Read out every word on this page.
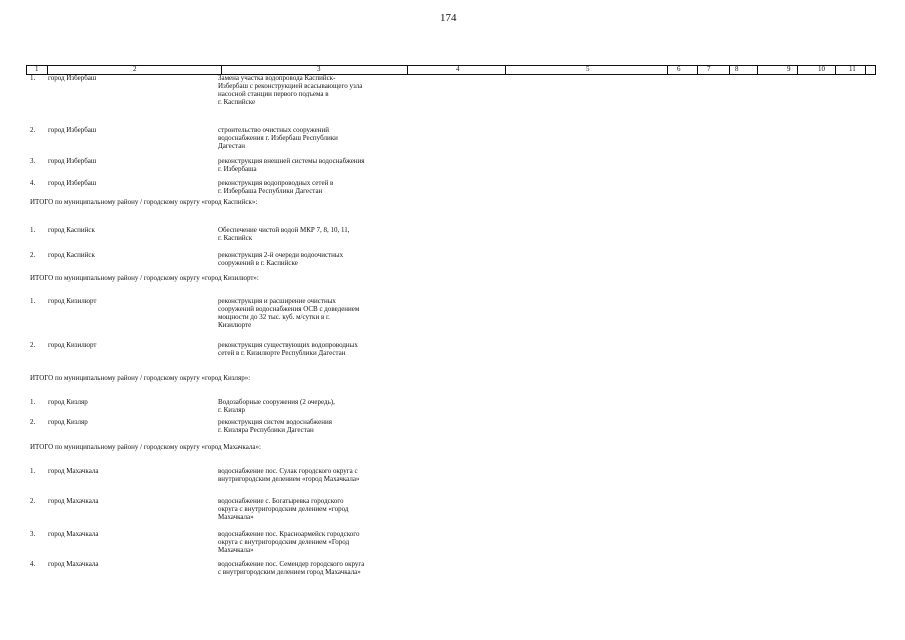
174
1	2	3	4	5	6	7	8	9	10	11
1. город Избербаш	Замена участка водопровода Каспийск-
Избербаш с реконструкцией всасывающего узла
насосной станции первого подъема в
г. Каспийске
2. город Избербаш	строительство очистных сооружений
водоснабжения г. Избербаш Республики
Дагестан
3. город Избербаш	реконструкция внешней системы водоснабжения
г. Избербаша
4. город Избербаш	реконструкция водопроводных сетей в
г. Избербаша Республики Дагестан
ИТОГО по муниципальному району / городскому округу «город Каспийск»:
1. город Каспийск	Обеспечение чистой водой МКР 7, 8, 10, 11,
г. Каспийск
2. город Каспийск	реконструкция 2-й очереди водоочистных
сооружений в г. Каспийске
ИТОГО по муниципальному району / городскому округу «город Кизилюрт»:
1. город Кизилюрт	реконструкция и расширение очистных
сооружений водоснабжения ОСВ с доведением
мощности до 32 тыс. куб. м/сутки в г.
Кизилюрте
2. город Кизилюрт	реконструкция существующих водопроводных
сетей в г. Кизилюрте Республики Дагестан
ИТОГО по муниципальному району / городскому округу «город Кизляр»:
1. город Кизляр	Водозаборные сооружения (2 очередь),
г. Кизляр
2. город Кизляр	реконструкция систем водоснабжения
г. Кизляра Республики Дагестан
ИТОГО по муниципальному району / городскому округу «город Махачкала»:
1. город Махачкала	водоснабжение пос. Сулак городского округа с
внутригородским делением «город Махачкала»
2. город Махачкала	водоснабжение с. Богатыревка городского
округа с внутригородским делением «город
Махачкала»
3. город Махачкала	водоснабжение пос. Красноармейск городского
округа с внутригородским делением «Город
Махачкала»
4. город Махачкала	водоснабжение пос. Семендер городского округа
с внутригородским делением город Махачкала»
